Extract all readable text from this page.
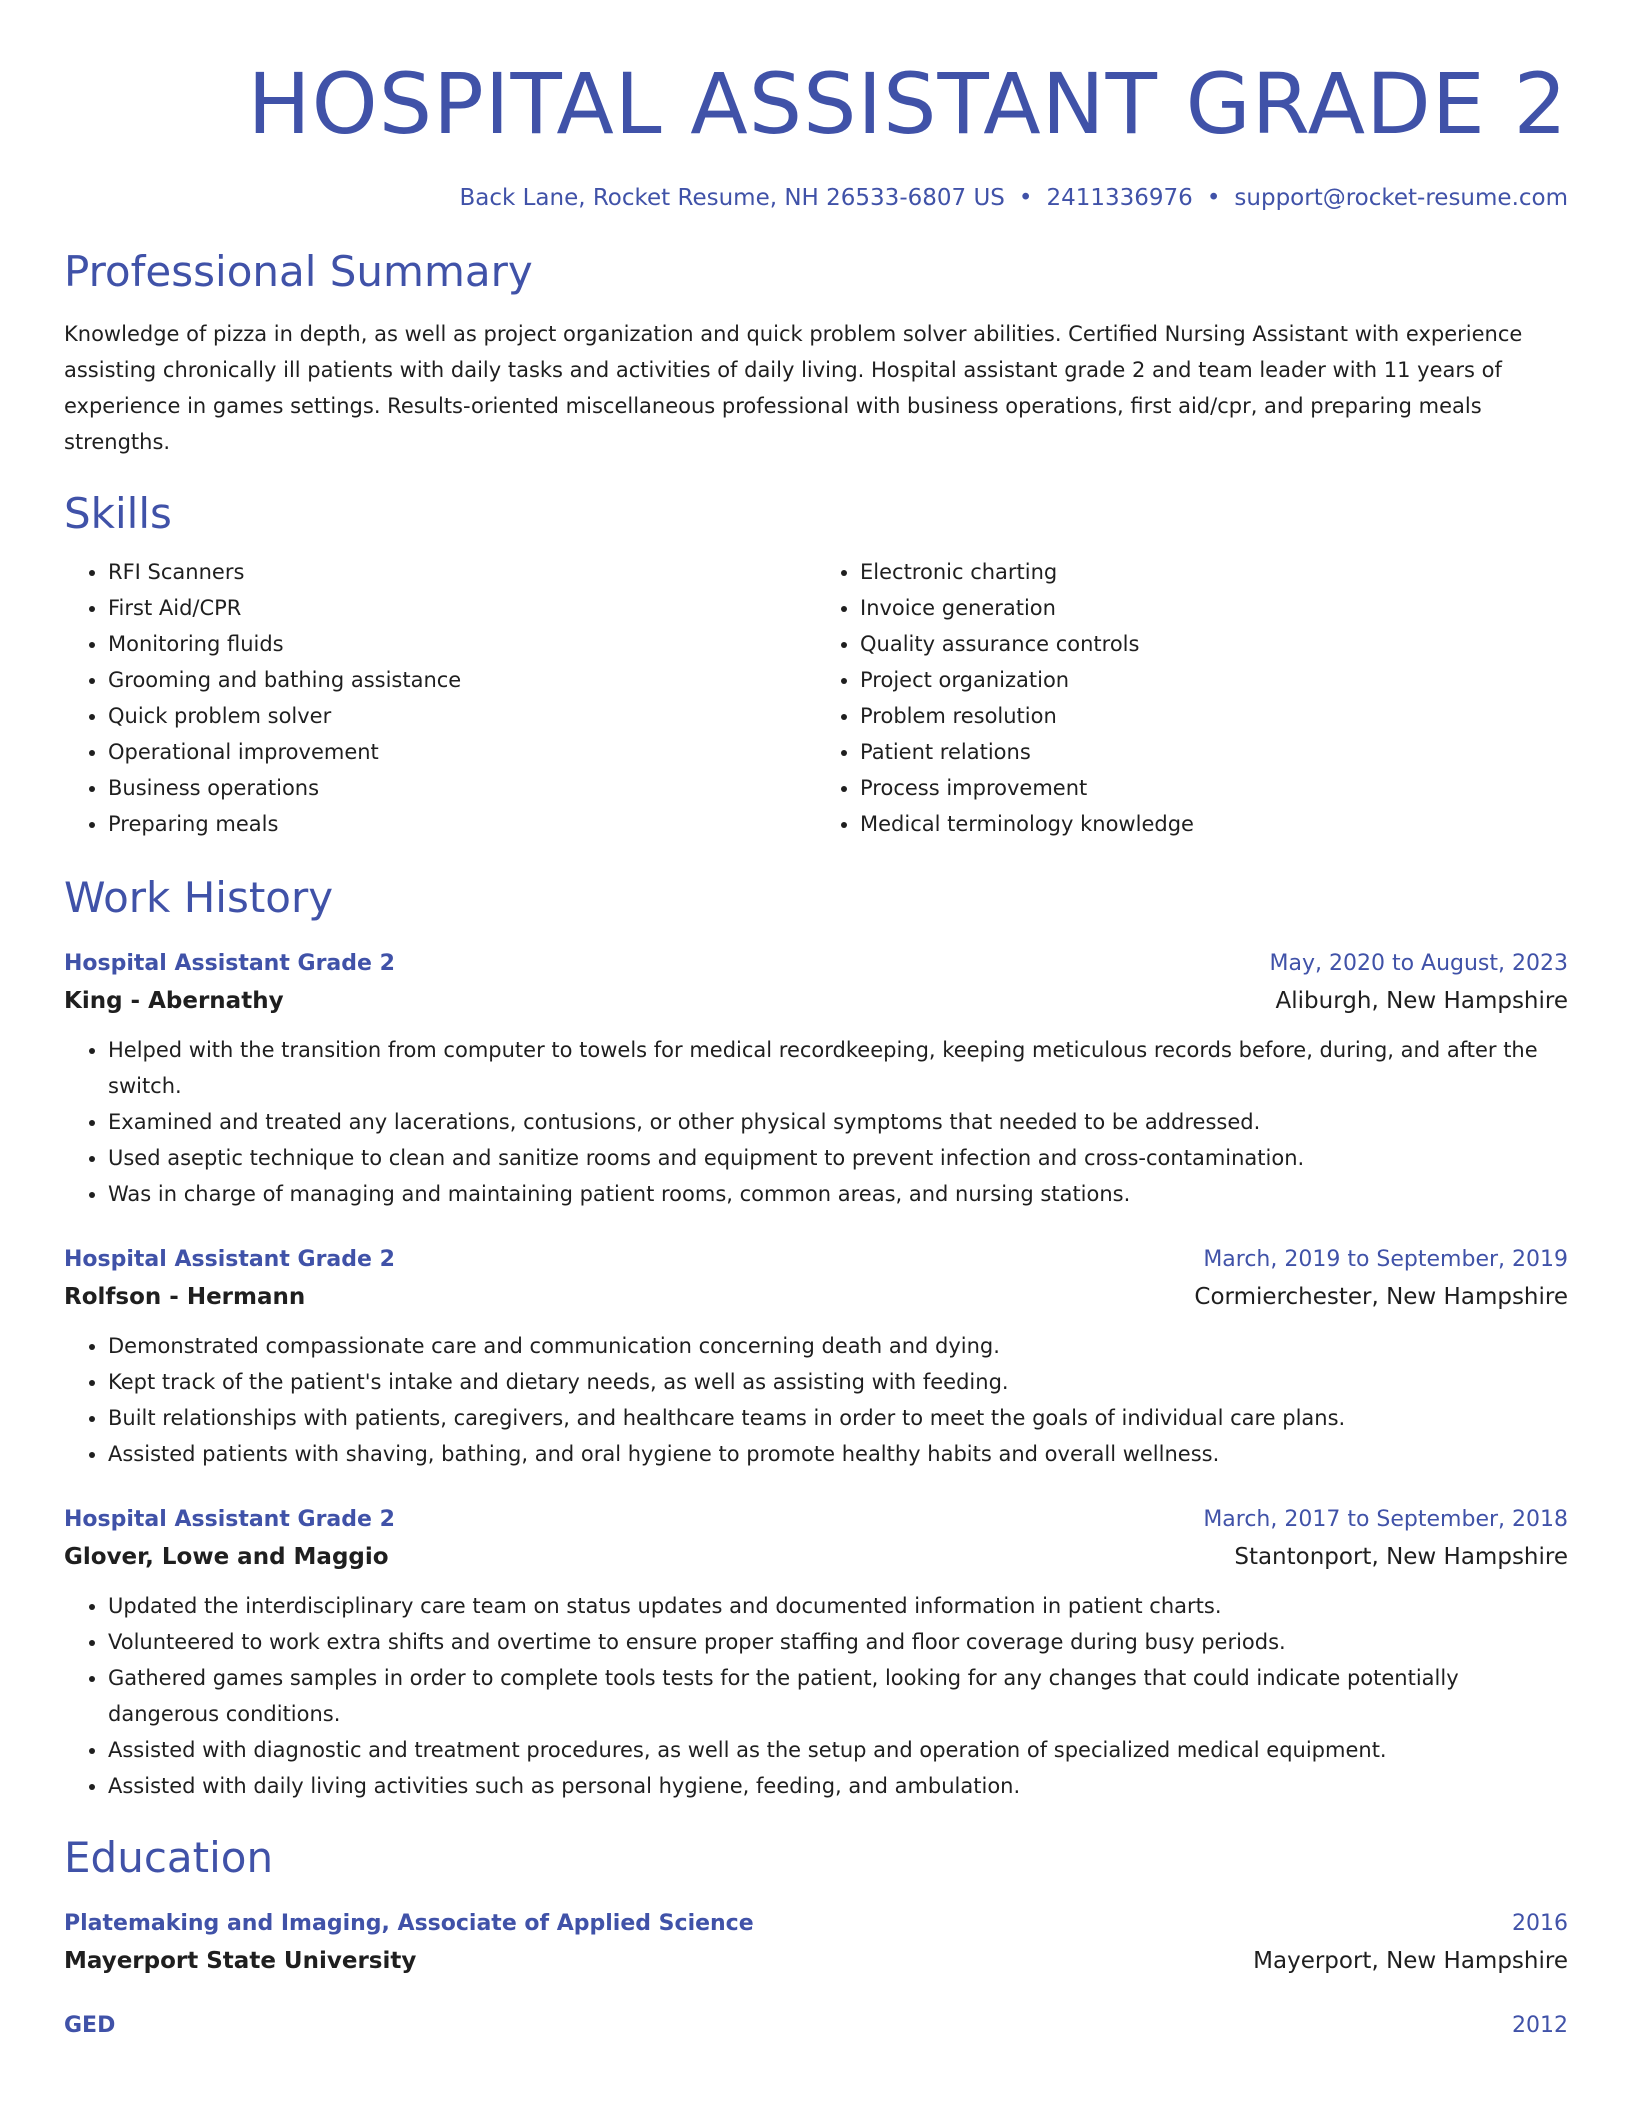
HOSPITAL ASSISTANT GRADE 2
Back Lane, Rocket Resume, NH 26533-6807 US • 2411336976 • support@rocket-resume.com
Professional Summary

Knowledge of pizza in depth, as well as project organization and quick problem solver abilities. Certified Nursing Assistant with experience assisting chronically ill patients with daily tasks and activities of daily living. Hospital assistant grade 2 and team leader with 11 years of experience in games settings. Results-oriented miscellaneous professional with business operations, first aid/cpr, and preparing meals strengths.

Skills
• RFI Scanners
• First Aid/CPR
• Monitoring fluids
• Grooming and bathing assistance
• Quick problem solver
• Operational improvement
• Business operations
• Preparing meals
• Electronic charting
• Invoice generation
• Quality assurance controls
• Project organization
• Problem resolution
• Patient relations
• Process improvement
• Medical terminology knowledge
Work History
Hospital Assistant Grade 2	May, 2020 to August, 2023
King - Abernathy	Aliburgh, New Hampshire
• Helped with the transition from computer to towels for medical recordkeeping, keeping meticulous records before, during, and after the switch.
• Examined and treated any lacerations, contusions, or other physical symptoms that needed to be addressed.
• Used aseptic technique to clean and sanitize rooms and equipment to prevent infection and cross-contamination.
• Was in charge of managing and maintaining patient rooms, common areas, and nursing stations.
Hospital Assistant Grade 2	March, 2019 to September, 2019
Rolfson - Hermann	Cormierchester, New Hampshire
• Demonstrated compassionate care and communication concerning death and dying.
• Kept track of the patient's intake and dietary needs, as well as assisting with feeding.
• Built relationships with patients, caregivers, and healthcare teams in order to meet the goals of individual care plans.
• Assisted patients with shaving, bathing, and oral hygiene to promote healthy habits and overall wellness.
Hospital Assistant Grade 2	March, 2017 to September, 2018
Glover, Lowe and Maggio	Stantonport, New Hampshire
• Updated the interdisciplinary care team on status updates and documented information in patient charts.
• Volunteered to work extra shifts and overtime to ensure proper staffing and floor coverage during busy periods.
• Gathered games samples in order to complete tools tests for the patient, looking for any changes that could indicate potentially dangerous conditions.
• Assisted with diagnostic and treatment procedures, as well as the setup and operation of specialized medical equipment.
• Assisted with daily living activities such as personal hygiene, feeding, and ambulation.
Education
Platemaking and Imaging, Associate of Applied Science	2016
Mayerport State University	Mayerport, New Hampshire
GED	2012
